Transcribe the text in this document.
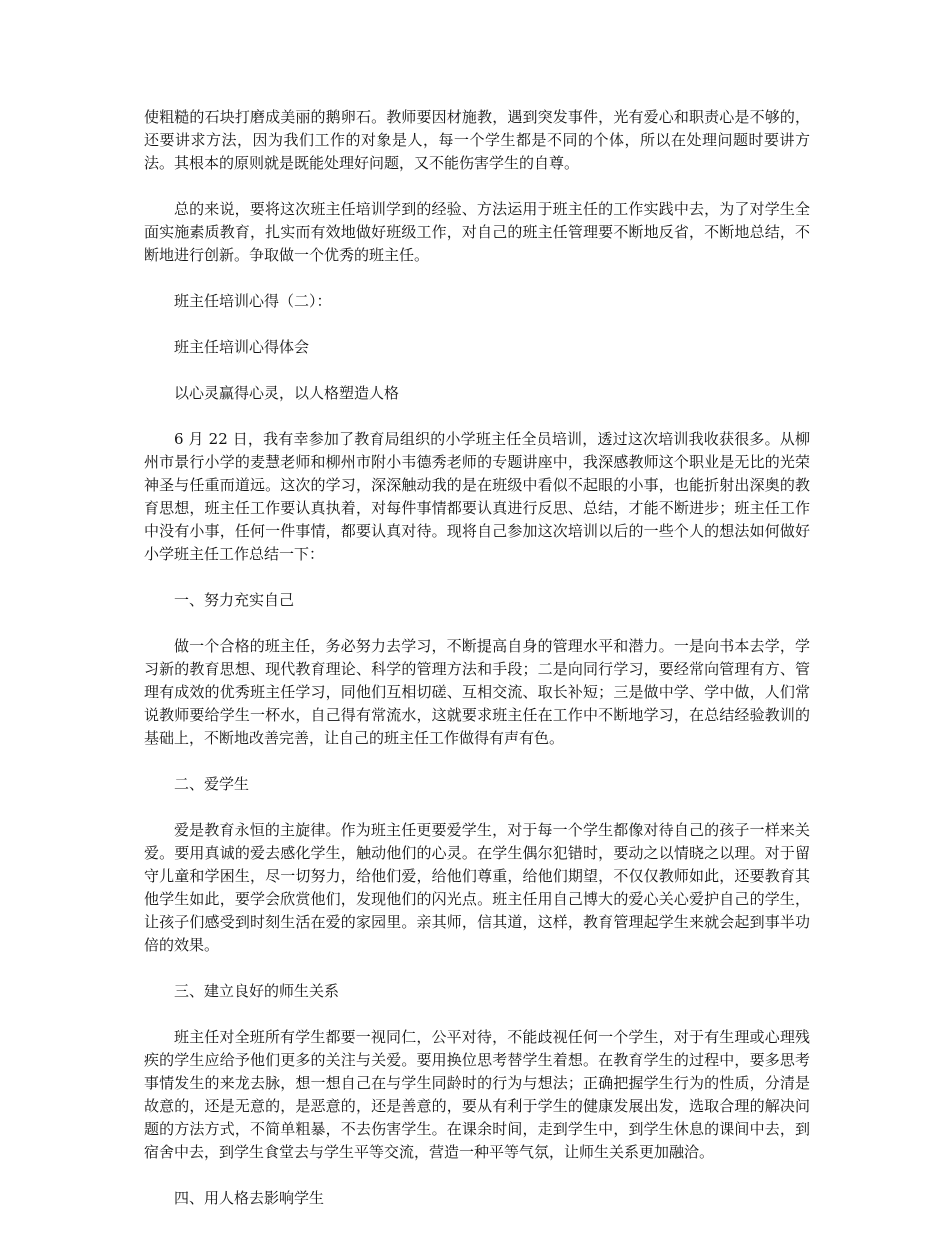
使粗糙的石块打磨成美丽的鹅卵石。教师要因材施教，遇到突发事件，光有爱心和职责心是不够的，还要讲求方法，因为我们工作的对象是人，每一个学生都是不同的个体，所以在处理问题时要讲方法。其根本的原则就是既能处理好问题，又不能伤害学生的自尊。

总的来说，要将这次班主任培训学到的经验、方法运用于班主任的工作实践中去，为了对学生全面实施素质教育，扎实而有效地做好班级工作，对自己的班主任管理要不断地反省，不断地总结，不断地进行创新。争取做一个优秀的班主任。

班主任培训心得（二）：

班主任培训心得体会

以心灵赢得心灵，以人格塑造人格

6 月 22 日，我有幸参加了教育局组织的小学班主任全员培训，透过这次培训我收获很多。从柳州市景行小学的麦慧老师和柳州市附小韦德秀老师的专题讲座中，我深感教师这个职业是无比的光荣神圣与任重而道远。这次的学习，深深触动我的是在班级中看似不起眼的小事，也能折射出深奥的教育思想，班主任工作要认真执着，对每件事情都要认真进行反思、总结，才能不断进步；班主任工作中没有小事，任何一件事情，都要认真对待。现将自己参加这次培训以后的一些个人的想法如何做好小学班主任工作总结一下：

一、努力充实自己

做一个合格的班主任，务必努力去学习，不断提高自身的管理水平和潜力。一是向书本去学，学习新的教育思想、现代教育理论、科学的管理方法和手段；二是向同行学习，要经常向管理有方、管理有成效的优秀班主任学习，同他们互相切磋、互相交流、取长补短；三是做中学、学中做，人们常说教师要给学生一杯水，自己得有常流水，这就要求班主任在工作中不断地学习，在总结经验教训的基础上，不断地改善完善，让自己的班主任工作做得有声有色。

二、爱学生

爱是教育永恒的主旋律。作为班主任更要爱学生，对于每一个学生都像对待自己的孩子一样来关爱。要用真诚的爱去感化学生，触动他们的心灵。在学生偶尔犯错时，要动之以情晓之以理。对于留守儿童和学困生，尽一切努力，给他们爱，给他们尊重，给他们期望，不仅仅教师如此，还要教育其他学生如此，要学会欣赏他们，发现他们的闪光点。班主任用自己博大的爱心关心爱护自己的学生，让孩子们感受到时刻生活在爱的家园里。亲其师，信其道，这样，教育管理起学生来就会起到事半功倍的效果。

三、建立良好的师生关系

班主任对全班所有学生都要一视同仁，公平对待，不能歧视任何一个学生，对于有生理或心理残疾的学生应给予他们更多的关注与关爱。要用换位思考替学生着想。在教育学生的过程中，要多思考事情发生的来龙去脉，想一想自己在与学生同龄时的行为与想法；正确把握学生行为的性质，分清是故意的，还是无意的，是恶意的，还是善意的，要从有利于学生的健康发展出发，选取合理的解决问题的方法方式，不简单粗暴，不去伤害学生。在课余时间，走到学生中，到学生休息的课间中去，到宿舍中去，到学生食堂去与学生平等交流，营造一种平等气氛，让师生关系更加融洽。

四、用人格去影响学生
